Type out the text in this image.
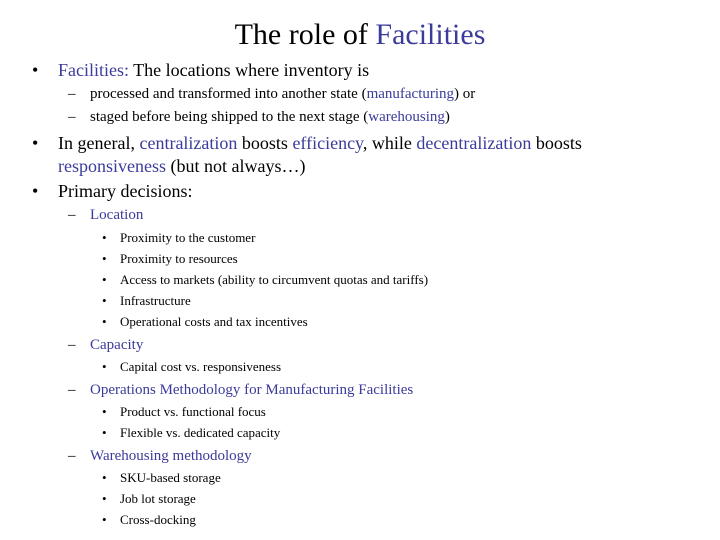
The role of Facilities
• Facilities: The locations where inventory is
– processed and transformed into another state (manufacturing) or
– staged before being shipped to the next stage (warehousing)
• In general, centralization boosts efficiency, while decentralization boosts
responsiveness (but not always…)
• Primary decisions:
– Location
• Proximity to the customer
• Proximity to resources
• Access to markets (ability to circumvent quotas and tariffs)
• Infrastructure
• Operational costs and tax incentives
– Capacity
• Capital cost vs. responsiveness
– Operations Methodology for Manufacturing Facilities
• Product vs. functional focus
• Flexible vs. dedicated capacity
– Warehousing methodology
• SKU-based storage
• Job lot storage
• Cross-docking
